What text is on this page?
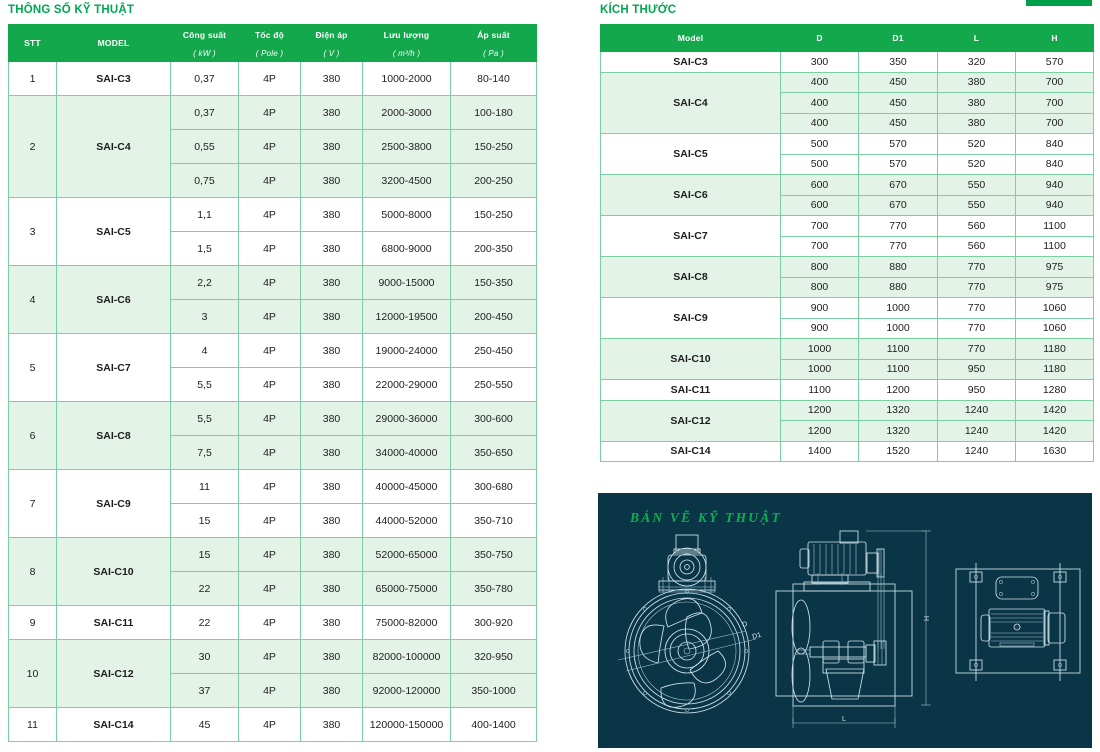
THÔNG SỐ KỸ THUẬT	KÍCH THƯỚC
STT	MODEL	Công suất	Tốc độ	Điện áp	Lưu lượng	Áp suất
		( kW )	( Pole )	( V )	( m³/h )	( Pa )
1	SAI-C3	0,37	4P	380	1000-2000	80-140
2	SAI-C4	0,37	4P	380	2000-3000	100-180
		0,55	4P	380	2500-3800	150-250
		0,75	4P	380	3200-4500	200-250
3	SAI-C5	1,1	4P	380	5000-8000	150-250
		1,5	4P	380	6800-9000	200-350
4	SAI-C6	2,2	4P	380	9000-15000	150-350
		3	4P	380	12000-19500	200-450
5	SAI-C7	4	4P	380	19000-24000	250-450
		5,5	4P	380	22000-29000	250-550
6	SAI-C8	5,5	4P	380	29000-36000	300-600
		7,5	4P	380	34000-40000	350-650
7	SAI-C9	11	4P	380	40000-45000	300-680
		15	4P	380	44000-52000	350-710
8	SAI-C10	15	4P	380	52000-65000	350-750
		22	4P	380	65000-75000	350-780
9	SAI-C11	22	4P	380	75000-82000	300-920
10	SAI-C12	30	4P	380	82000-100000	320-950
		37	4P	380	92000-120000	350-1000
11	SAI-C14	45	4P	380	120000-150000	400-1400
Model	D	D1	L	H
SAI-C3	300	350	320	570
SAI-C4	400	450	380	700
	400	450	380	700
	400	450	380	700
SAI-C5	500	570	520	840
	500	570	520	840
SAI-C6	600	670	550	940
	600	670	550	940
SAI-C7	700	770	560	1100
	700	770	560	1100
SAI-C8	800	880	770	975
	800	880	770	975
SAI-C9	900	1000	770	1060
	900	1000	770	1060
SAI-C10	1000	1100	770	1180
	1000	1100	950	1180
SAI-C11	1100	1200	950	1280
SAI-C12	1200	1320	1240	1420
	1200	1320	1240	1420
SAI-C14	1400	1520	1240	1630
BẢN VẼ KỸ THUẬT
D
D1
H
L
